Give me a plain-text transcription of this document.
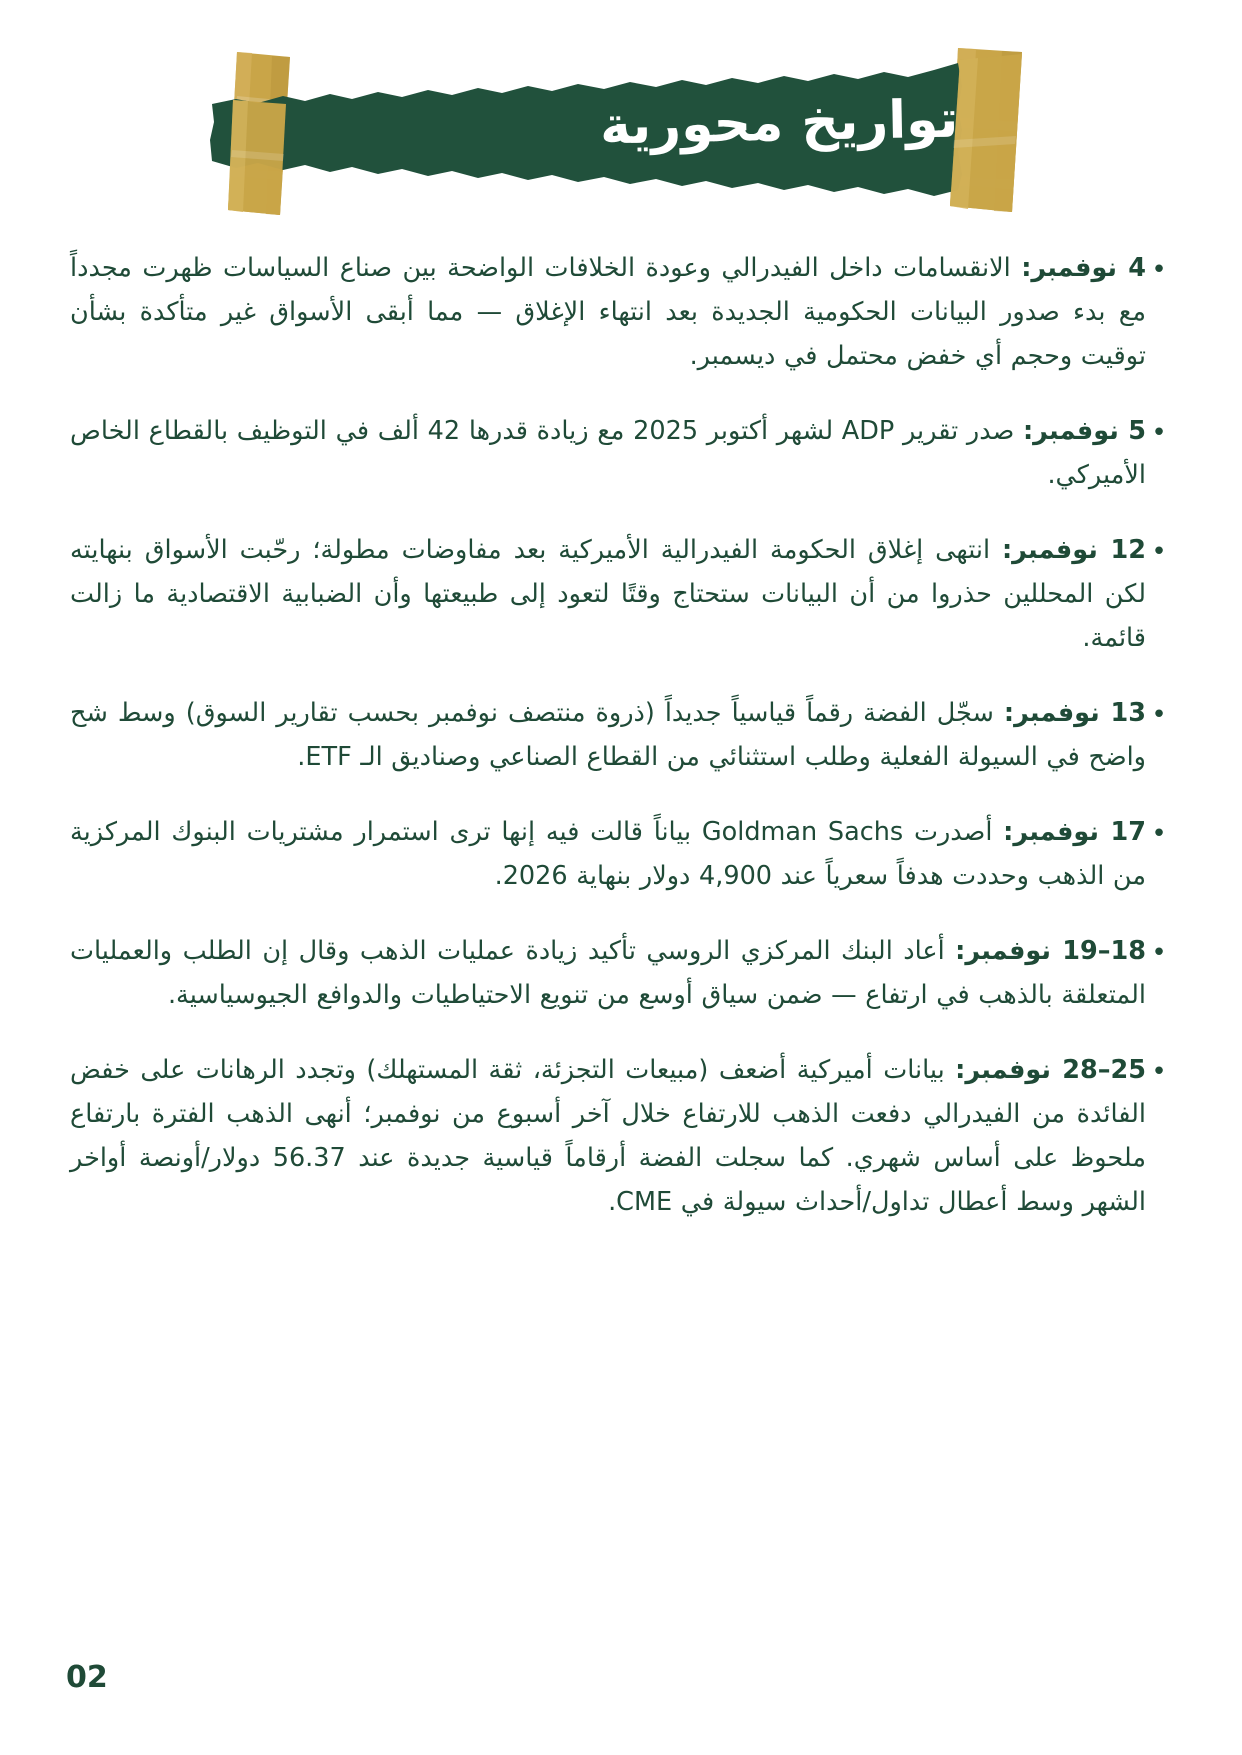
تواريخ محورية
•
4 نوفمبر: الانقسامات داخل الفيدرالي وعودة الخلافات الواضحة بين صناع السياسات ظهرت مجدداً مع بدء صدور البيانات الحكومية الجديدة بعد انتهاء الإغلاق — مما أبقى الأسواق غير متأكدة بشأن توقيت وحجم أي خفض محتمل في ديسمبر.
•
5 نوفمبر: صدر تقرير ADP لشهر أكتوبر 2025 مع زيادة قدرها 42 ألف في التوظيف بالقطاع الخاص الأميركي.
•
12 نوفمبر: انتهى إغلاق الحكومة الفيدرالية الأميركية بعد مفاوضات مطولة؛ رحّبت الأسواق بنهايته لكن المحللين حذروا من أن البيانات ستحتاج وقتًا لتعود إلى طبيعتها وأن الضبابية الاقتصادية ما زالت قائمة.
•
13 نوفمبر: سجّل الفضة رقماً قياسياً جديداً (ذروة منتصف نوفمبر بحسب تقارير السوق) وسط شح واضح في السيولة الفعلية وطلب استثنائي من القطاع الصناعي وصناديق الـ ETF.
•
17 نوفمبر: أصدرت Goldman Sachs بياناً قالت فيه إنها ترى استمرار مشتريات البنوك المركزية من الذهب وحددت هدفاً سعرياً عند 4,900 دولار بنهاية 2026.
•
18–19 نوفمبر: أعاد البنك المركزي الروسي تأكيد زيادة عمليات الذهب وقال إن الطلب والعمليات المتعلقة بالذهب في ارتفاع — ضمن سياق أوسع من تنويع الاحتياطيات والدوافع الجيوسياسية.
•
25–28 نوفمبر: بيانات أميركية أضعف (مبيعات التجزئة، ثقة المستهلك) وتجدد الرهانات على خفض الفائدة من الفيدرالي دفعت الذهب للارتفاع خلال آخر أسبوع من نوفمبر؛ أنهى الذهب الفترة بارتفاع ملحوظ على أساس شهري. كما سجلت الفضة أرقاماً قياسية جديدة عند 56.37 دولار/أونصة أواخر الشهر وسط أعطال تداول/أحداث سيولة في CME.
02
